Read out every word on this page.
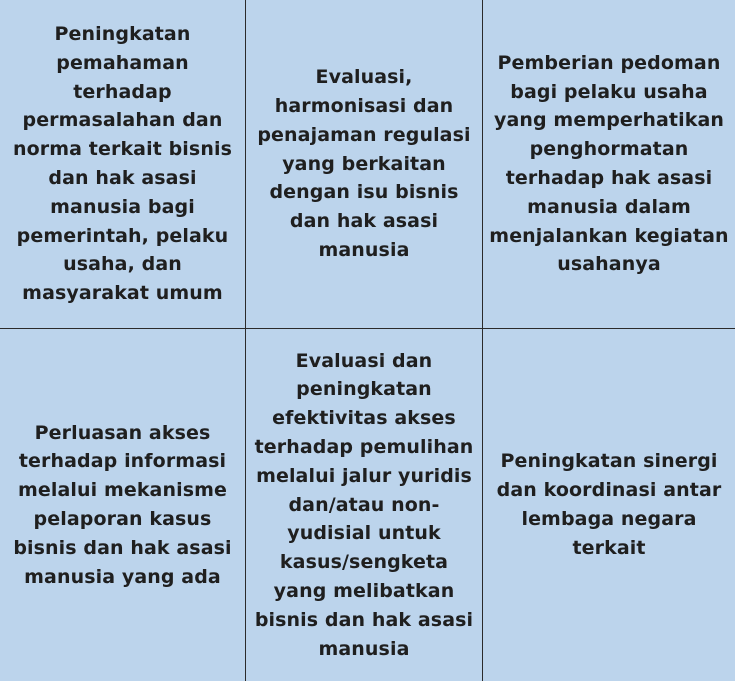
Peningkatan
pemahaman
terhadap
permasalahan dan
norma terkait bisnis
dan hak asasi
manusia bagi
pemerintah, pelaku
usaha, dan
masyarakat umum
Evaluasi,
harmonisasi dan
penajaman regulasi
yang berkaitan
dengan isu bisnis
dan hak asasi
manusia
Pemberian pedoman
bagi pelaku usaha
yang memperhatikan
penghormatan
terhadap hak asasi
manusia dalam
menjalankan kegiatan
usahanya
Perluasan akses
terhadap informasi
melalui mekanisme
pelaporan kasus
bisnis dan hak asasi
manusia yang ada
Evaluasi dan
peningkatan
efektivitas akses
terhadap pemulihan
melalui jalur yuridis
dan/atau non-
yudisial untuk
kasus/sengketa
yang melibatkan
bisnis dan hak asasi
manusia
Peningkatan sinergi
dan koordinasi antar
lembaga negara
terkait
